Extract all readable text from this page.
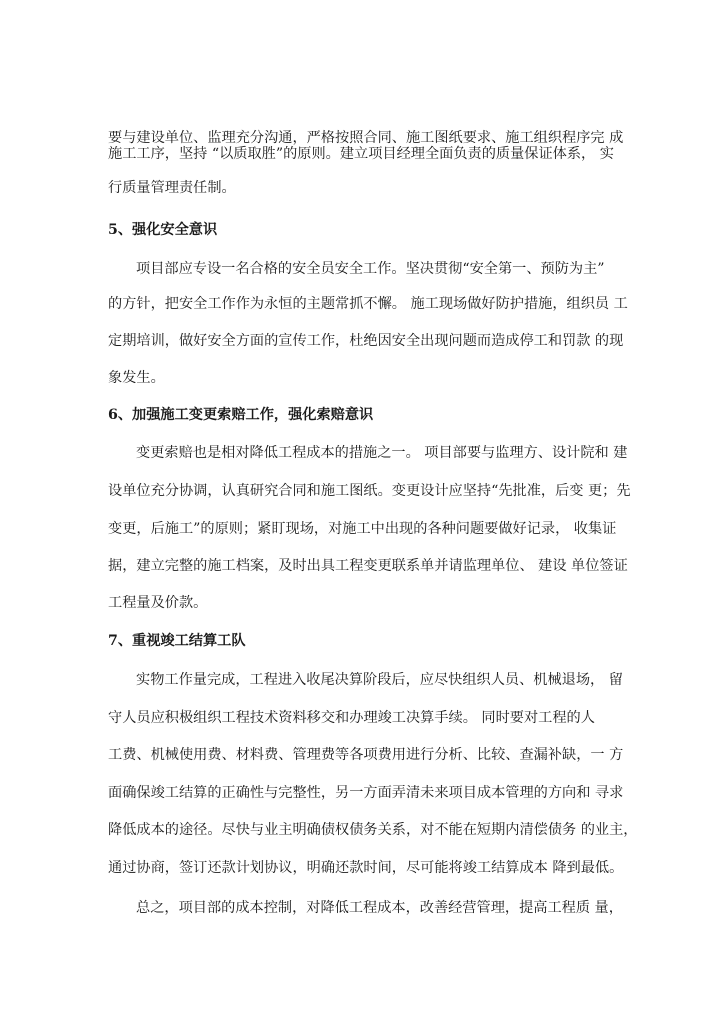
要与建设单位、监理充分沟通，严格按照合同、施工图纸要求、施工组织程序完 成
施工工序，坚持 “以质取胜”的原则。建立项目经理全面负责的质量保证体系， 实
行质量管理责任制。
5、强化安全意识
项目部应专设一名合格的安全员安全工作。坚决贯彻“安全第一、预防为主”
的方针，把安全工作作为永恒的主题常抓不懈。 施工现场做好防护措施，组织员 工
定期培训，做好安全方面的宣传工作，杜绝因安全出现问题而造成停工和罚款 的现
象发生。
6、加强施工变更索赔工作，强化索赔意识
变更索赔也是相对降低工程成本的措施之一。 项目部要与监理方、设计院和 建
设单位充分协调，认真研究合同和施工图纸。变更设计应坚持“先批准，后变 更；先
变更，后施工”的原则；紧盯现场，对施工中出现的各种问题要做好记录， 收集证
据，建立完整的施工档案，及时出具工程变更联系单并请监理单位、 建设 单位签证
工程量及价款。
7、重视竣工结算工队
实物工作量完成，工程进入收尾决算阶段后，应尽快组织人员、机械退场， 留
守人员应积极组织工程技术资料移交和办理竣工决算手续。 同时要对工程的人
工费、机械使用费、材料费、管理费等各项费用进行分析、比较、查漏补缺，一 方
面确保竣工结算的正确性与完整性，另一方面弄清未来项目成本管理的方向和 寻求
降低成本的途径。尽快与业主明确债权债务关系，对不能在短期内清偿债务 的业主，
通过协商，签订还款计划协议，明确还款时间，尽可能将竣工结算成本 降到最低。
总之，项目部的成本控制，对降低工程成本，改善经营管理，提高工程质 量，
